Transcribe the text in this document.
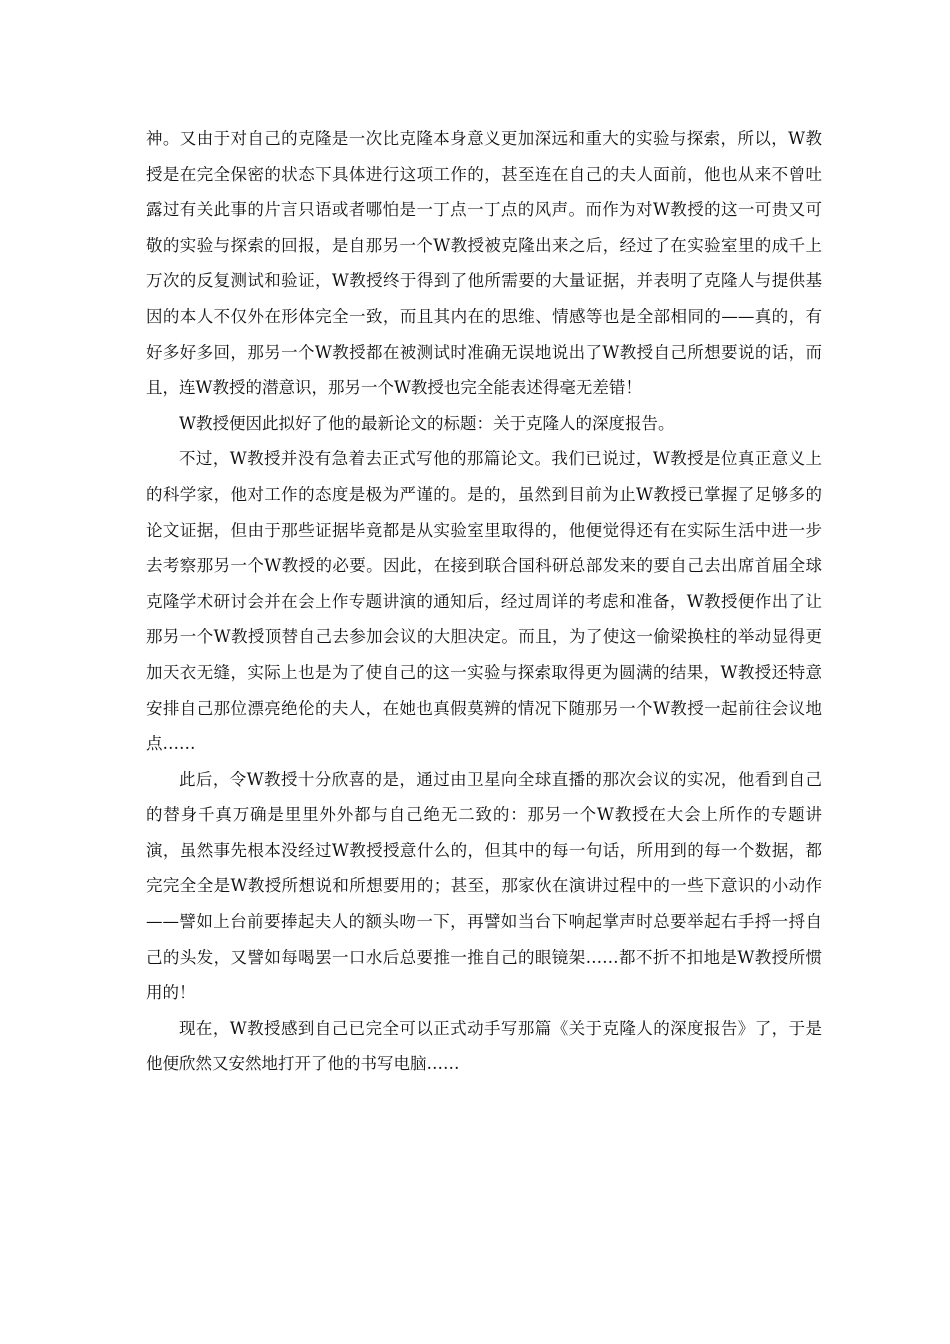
神。又由于对自己的克隆是一次比克隆本身意义更加深远和重大的实验与探索，所以，W教授是在完全保密的状态下具体进行这项工作的，甚至连在自己的夫人面前，他也从来不曾吐露过有关此事的片言只语或者哪怕是一丁点一丁点的风声。而作为对W教授的这一可贵又可敬的实验与探索的回报，是自那另一个W教授被克隆出来之后，经过了在实验室里的成千上万次的反复测试和验证，W教授终于得到了他所需要的大量证据，并表明了克隆人与提供基因的本人不仅外在形体完全一致，而且其内在的思维、情感等也是全部相同的——真的，有好多好多回，那另一个W教授都在被测试时准确无误地说出了W教授自己所想要说的话，而且，连W教授的潜意识，那另一个W教授也完全能表述得毫无差错！

W教授便因此拟好了他的最新论文的标题：关于克隆人的深度报告。

不过，W教授并没有急着去正式写他的那篇论文。我们已说过，W教授是位真正意义上的科学家，他对工作的态度是极为严谨的。是的，虽然到目前为止W教授已掌握了足够多的论文证据，但由于那些证据毕竟都是从实验室里取得的，他便觉得还有在实际生活中进一步去考察那另一个W教授的必要。因此，在接到联合国科研总部发来的要自己去出席首届全球克隆学术研讨会并在会上作专题讲演的通知后，经过周详的考虑和准备，W教授便作出了让那另一个W教授顶替自己去参加会议的大胆决定。而且，为了使这一偷梁换柱的举动显得更加天衣无缝，实际上也是为了使自己的这一实验与探索取得更为圆满的结果，W教授还特意安排自己那位漂亮绝伦的夫人，在她也真假莫辨的情况下随那另一个W教授一起前往会议地点……

此后，令W教授十分欣喜的是，通过由卫星向全球直播的那次会议的实况，他看到自己的替身千真万确是里里外外都与自己绝无二致的：那另一个W教授在大会上所作的专题讲演，虽然事先根本没经过W教授授意什么的，但其中的每一句话，所用到的每一个数据，都完完全全是W教授所想说和所想要用的；甚至，那家伙在演讲过程中的一些下意识的小动作——譬如上台前要捧起夫人的额头吻一下，再譬如当台下响起掌声时总要举起右手捋一捋自己的头发，又譬如每喝罢一口水后总要推一推自己的眼镜架……都不折不扣地是W教授所惯用的！

现在，W教授感到自己已完全可以正式动手写那篇《关于克隆人的深度报告》了，于是他便欣然又安然地打开了他的书写电脑……
